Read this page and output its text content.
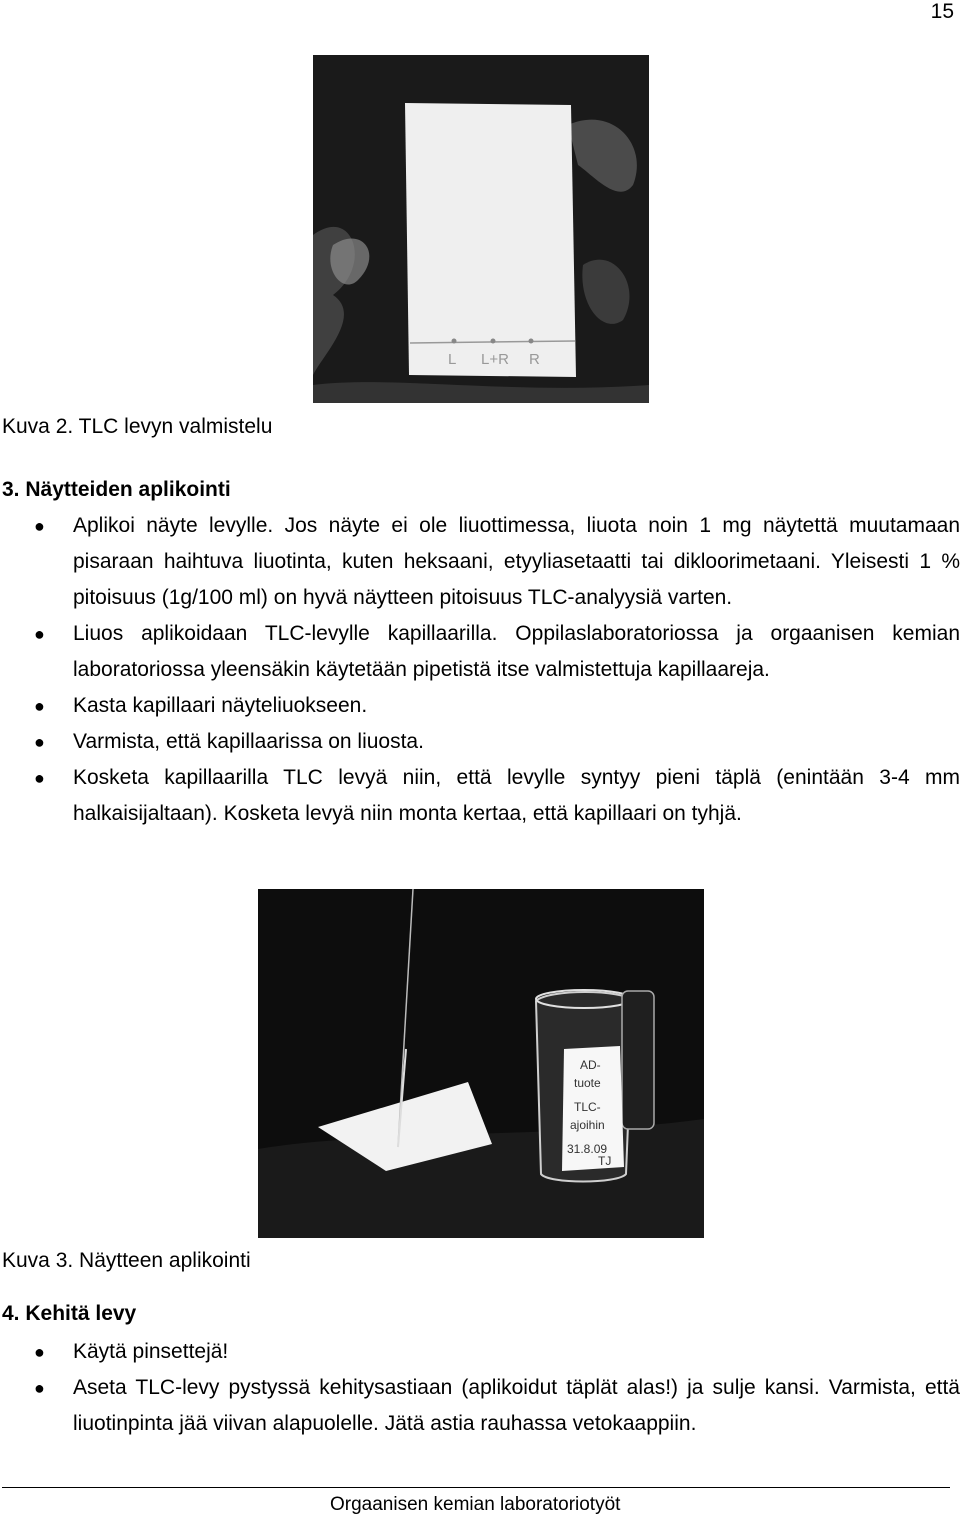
15
L L+R R
Kuva 2. TLC levyn valmistelu
3. Näytteiden aplikointi
● Aplikoi näyte levylle. Jos näyte ei ole liuottimessa, liuota noin 1 mg näytettä muutamaan pisaraan haihtuva liuotinta, kuten heksaani, etyyliasetaatti tai dikloorimetaani. Yleisesti 1 % pitoisuus (1g/100 ml) on hyvä näytteen pitoisuus TLC-analyysiä varten.
● Liuos aplikoidaan TLC-levylle kapillaarilla. Oppilaslaboratoriossa ja orgaanisen kemian laboratoriossa yleensäkin käytetään pipetistä itse valmistettuja kapillaareja.
● Kasta kapillaari näyteliuokseen.
● Varmista, että kapillaarissa on liuosta.
● Kosketa kapillaarilla TLC levyä niin, että levylle syntyy pieni täplä (enintään 3-4 mm halkaisijaltaan). Kosketa levyä niin monta kertaa, että kapillaari on tyhjä.
AD-
tuote
TLC-
ajoihin
31.8.09
TJ
Kuva 3. Näytteen aplikointi
4. Kehitä levy
● Käytä pinsettejä!
● Aseta TLC-levy pystyssä kehitysastiaan (aplikoidut täplät alas!) ja sulje kansi. Varmista, että liuotinpinta jää viivan alapuolelle. Jätä astia rauhassa vetokaappiin.
Orgaanisen kemian laboratoriotyöt
